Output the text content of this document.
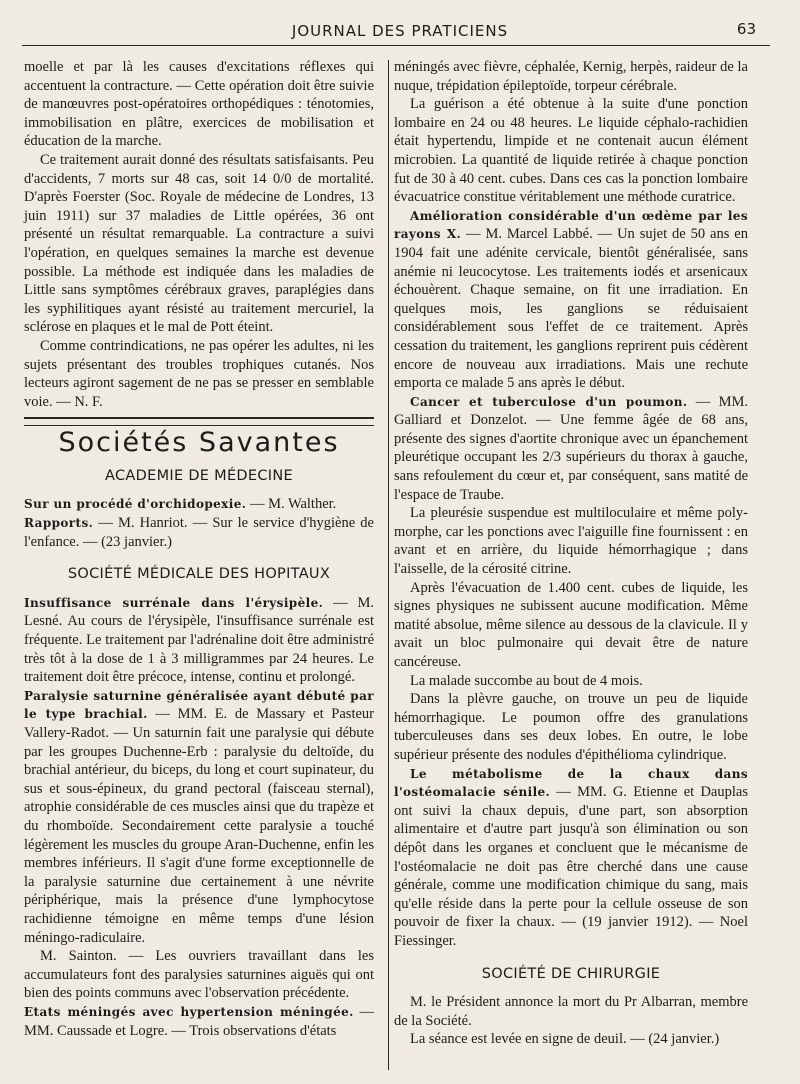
JOURNAL DES PRATICIENS	63

moelle et par là les causes d'excitations réflexes qui accentuent la contracture. — Cette opération doit être suivie de manœuvres post-opératoires orthopédiques : ténotomies, immobilisation en plâtre, exercices de mobilisation et éducation de la marche.

Ce traitement aurait donné des résultats satisfaisants. Peu d'accidents, 7 morts sur 48 cas, soit 14 0/0 de mortalité. D'après Foerster (Soc. Royale de médecine de Londres, 13 juin 1911) sur 37 maladies de Little opérées, 36 ont présenté un résultat remarquable. La contracture a suivi l'opération, en quelques semaines la marche est devenue possible. La méthode est indiquée dans les maladies de Little sans symptômes cérébraux graves, paraplégies dans les syphilitiques ayant résisté au traitement mercuriel, la sclérose en plaques et le mal de Pott éteint.

Comme contrindications, ne pas opérer les adultes, ni les sujets présentant des troubles trophiques cutanés. Nos lecteurs agiront sagement de ne pas se presser en semblable voie. — N. F.

Sociétés Savantes
ACADEMIE DE MÉDECINE

Sur un procédé d'orchidopexie. — M. Walther.

Rapports. — M. Hanriot. — Sur le service d'hygiène de l'enfance. — (23 janvier.)

SOCIÉTÉ MÉDICALE DES HOPITAUX

Insuffisance surrénale dans l'érysipèle. — M. Lesné. Au cours de l'érysipèle, l'insuffisance surrénale est fréquente. Le traitement par l'adrénaline doit être administré très tôt à la dose de 1 à 3 milligrammes par 24 heures. Le traitement doit être précoce, intense, continu et prolongé.

Paralysie saturnine généralisée ayant débuté par le type brachial. — MM. E. de Massary et Pasteur Vallery-Radot. — Un saturnin fait une paralysie qui débute par les groupes Duchenne-Erb : paralysie du deltoïde, du brachial antérieur, du biceps, du long et court supinateur, du sus et sous-épineux, du grand pectoral (faisceau sternal), atrophie considérable de ces muscles ainsi que du trapèze et du rhomboïde. Secondairement cette paralysie a touché légèrement les muscles du groupe Aran-Duchenne, enfin les membres inférieurs. Il s'agit d'une forme exceptionnelle de la paralysie saturnine due certainement à une névrite périphérique, mais la présence d'une lymphocytose rachidienne témoigne en même temps d'une lésion méningo-radiculaire.

M. Sainton. — Les ouvriers travaillant dans les accumulateurs font des paralysies saturnines aiguës qui ont bien des points communs avec l'observation précédente.

Etats méningés avec hypertension méningée. — MM. Caussade et Logre. — Trois observations d'états

méningés avec fièvre, céphalée, Kernig, herpès, raideur de la nuque, trépidation épileptoïde, torpeur cérébrale.

La guérison a été obtenue à la suite d'une ponction lombaire en 24 ou 48 heures. Le liquide céphalo-rachidien était hypertendu, limpide et ne contenait aucun élément microbien. La quantité de liquide retirée à chaque ponction fut de 30 à 40 cent. cubes. Dans ces cas la ponction lombaire évacuatrice constitue véritablement une méthode curatrice.

Amélioration considérable d'un œdème par les rayons X. — M. Marcel Labbé. — Un sujet de 50 ans en 1904 fait une adénite cervicale, bientôt généralisée, sans anémie ni leucocytose. Les traitements iodés et arsenicaux échouèrent. Chaque semaine, on fit une irradiation. En quelques mois, les ganglions se réduisaient considérablement sous l'effet de ce traitement. Après cessation du traitement, les ganglions reprirent puis cédèrent encore de nouveau aux irradiations. Mais une rechute emporta ce malade 5 ans après le début.

Cancer et tuberculose d'un poumon. — MM. Galliard et Donzelot. — Une femme âgée de 68 ans, présente des signes d'aortite chronique avec un épanchement pleurétique occupant les 2/3 supérieurs du thorax à gauche, sans refoulement du cœur et, par conséquent, sans matité de l'espace de Traube.

La pleurésie suspendue est multiloculaire et même poly-morphe, car les ponctions avec l'aiguille fine fournissent : en avant et en arrière, du liquide hémorrhagique ; dans l'aisselle, de la cérosité citrine.

Après l'évacuation de 1.400 cent. cubes de liquide, les signes physiques ne subissent aucune modification. Même matité absolue, même silence au dessous de la clavicule. Il y avait un bloc pulmonaire qui devait être de nature cancéreuse.

La malade succombe au bout de 4 mois.

Dans la plèvre gauche, on trouve un peu de liquide hémorrhagique. Le poumon offre des granulations tuberculeuses dans ses deux lobes. En outre, le lobe supérieur présente des nodules d'épithélioma cylindrique.

Le métabolisme de la chaux dans l'ostéomalacie sénile. — MM. G. Etienne et Dauplas ont suivi la chaux depuis, d'une part, son absorption alimentaire et d'autre part jusqu'à son élimination ou son dépôt dans les organes et concluent que le mécanisme de l'ostéomalacie ne doit pas être cherché dans une cause générale, comme une modification chimique du sang, mais qu'elle réside dans la perte pour la cellule osseuse de son pouvoir de fixer la chaux. — (19 janvier 1912). — Noel Fiessinger.

SOCIÉTÉ DE CHIRURGIE

M. le Président annonce la mort du Pr Albarran, membre de la Société.

La séance est levée en signe de deuil. — (24 janvier.)
